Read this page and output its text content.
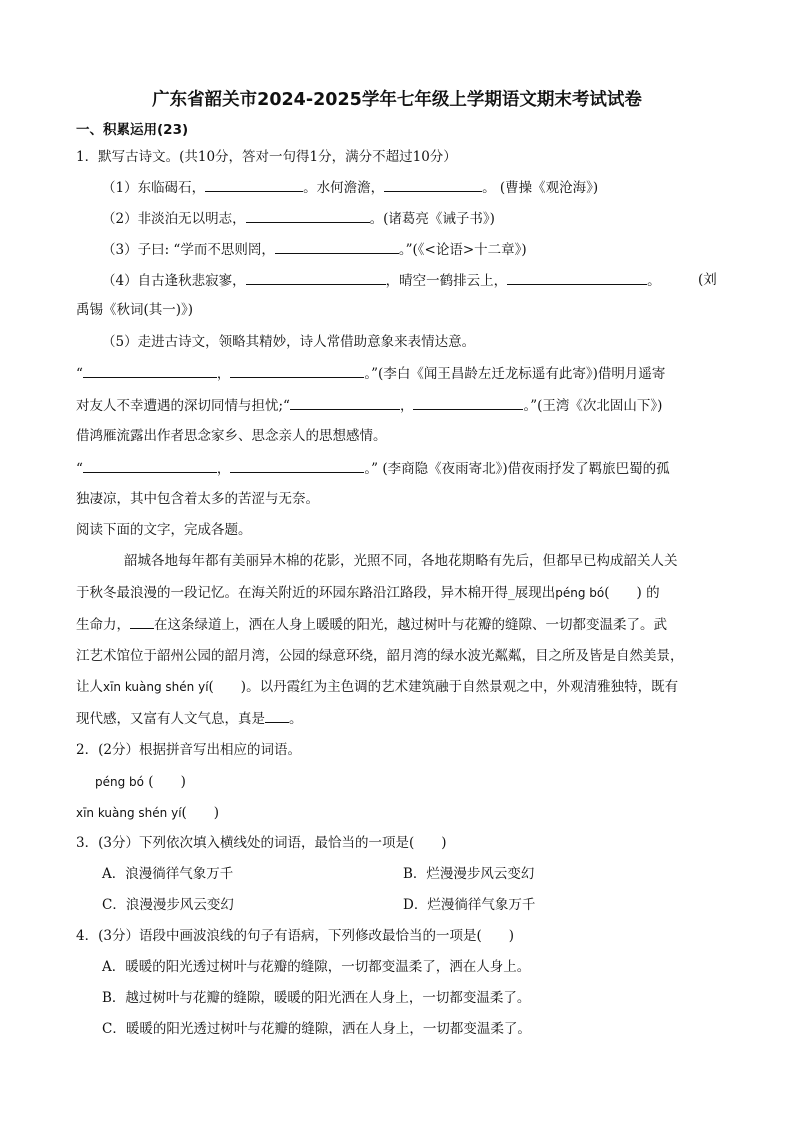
广东省韶关市2024-2025学年七年级上学期语文期末考试试卷
一、积累运用(23)
1．默写古诗文。(共10分，答对一句得1分，满分不超过10分）
（1）东临碣石，	。水何澹澹，	。 (曹操《观沧海》)
（2）非淡泊无以明志，	。(诸葛亮《诫子书》)
（3）子曰: “学而不思则罔，	。”(《<论语>十二章》)
（4）自古逢秋悲寂寥，	，晴空一鹤排云上，	。	(刘
禹锡《秋词(其一)》)
（5）走进古诗文，领略其精妙，诗人常借助意象来表情达意。
“	，	。”(李白《闻王昌龄左迁龙标遥有此寄》)借明月遥寄
对友人不幸遭遇的深切同情与担忧;“	，	。”(王湾《次北固山下》)
借鸿雁流露出作者思念家乡、思念亲人的思想感情。
“	，	。” (李商隐《夜雨寄北》)借夜雨抒发了羁旅巴蜀的孤
独凄凉，其中包含着太多的苦涩与无奈。
阅读下面的文字，完成各题。
韶城各地每年都有美丽异木棉的花影，光照不同，各地花期略有先后，但都早已构成韶关人关
于秋冬最浪漫的一段记忆。在海关附近的环园东路沿江路段，异木棉开得_展现出péng bó(　　) 的
生命力， 在这条绿道上，洒在人身上暖暖的阳光，越过树叶与花瓣的缝隙、一切都变温柔了。武
江艺术馆位于韶州公园的韶月湾，公园的绿意环绕，韶月湾的绿水波光粼粼，目之所及皆是自然美景，
让人xīn kuàng shén yí(　　)。以丹霞红为主色调的艺术建筑融于自然景观之中，外观清雅独特，既有
现代感，又富有人文气息，真是 。
2．(2分）根据拼音写出相应的词语。
péng bó (　　)
xīn kuàng shén yí(　　)
3．(3分）下列依次填入横线处的词语，最恰当的一项是(　　)
A．浪漫徜徉气象万千	B．烂漫漫步风云变幻
C．浪漫漫步风云变幻	D．烂漫徜徉气象万千
4．(3分）语段中画波浪线的句子有语病，下列修改最恰当的一项是(　　)
A．暖暖的阳光透过树叶与花瓣的缝隙，一切都变温柔了，洒在人身上。
B．越过树叶与花瓣的缝隙，暖暖的阳光洒在人身上，一切都变温柔了。
C．暖暖的阳光透过树叶与花瓣的缝隙，洒在人身上，一切都变温柔了。
